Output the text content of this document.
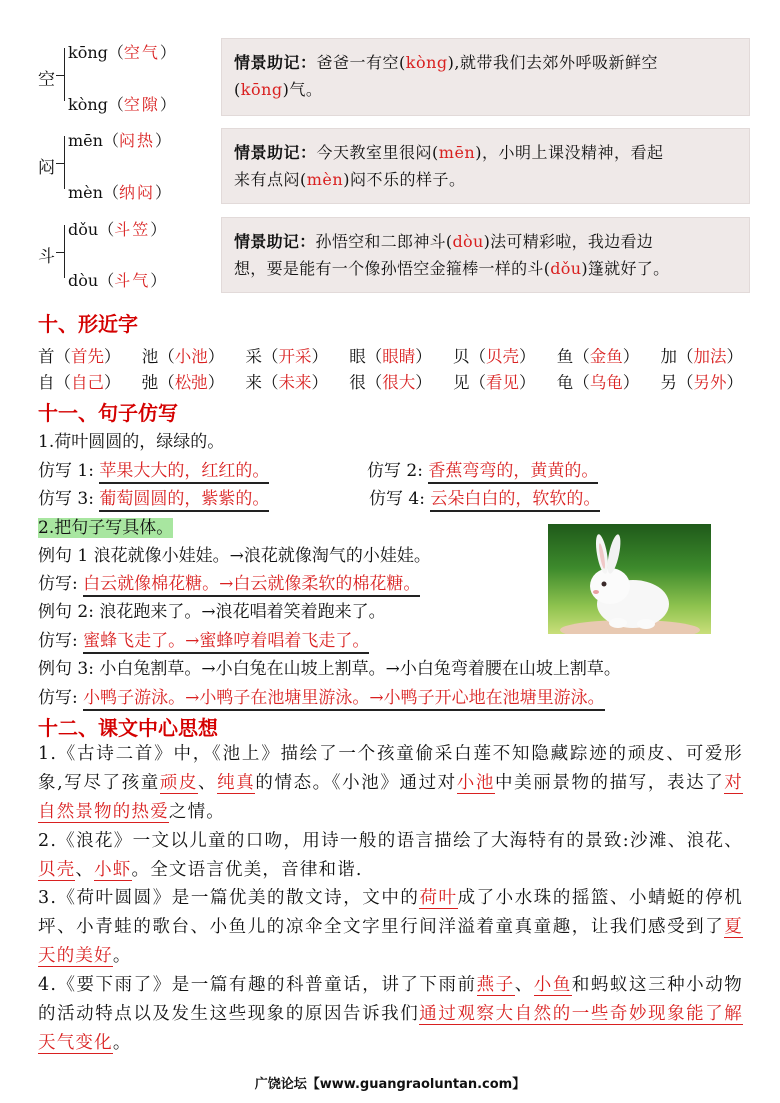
空
kōng（空气）
kòng（空隙）
情景助记：爸爸一有空(kòng),就带我们去郊外呼吸新鲜空
(kōng)气。
闷
mēn（闷热）
mèn（纳闷）
情景助记：今天教室里很闷(mēn)，小明上课没精神，看起
来有点闷(mèn)闷不乐的样子。
斗
dǒu（斗笠）
dòu（斗气）
情景助记：孙悟空和二郎神斗(dòu)法可精彩啦，我边看边
想，要是能有一个像孙悟空金箍棒一样的斗(dǒu)篷就好了。
十、形近字
首（首先） 池（小池） 采（开采） 眼（眼睛） 贝（贝壳） 鱼（金鱼） 加（加法）
自（自己） 弛（松弛） 来（未来） 很（很大） 见（看见） 龟（乌龟） 另（另外）
十一、句子仿写
1.荷叶圆圆的，绿绿的。
仿写 1: 苹果大大的，红红的。	仿写 2: 香蕉弯弯的，黄黄的。
仿写 3: 葡萄圆圆的，紫紫的。	仿写 4: 云朵白白的，软软的。
2.把句子写具体。
例句 1 浪花就像小娃娃。→浪花就像淘气的小娃娃。
仿写: 白云就像棉花糖。→白云就像柔软的棉花糖。
例句 2: 浪花跑来了。→浪花唱着笑着跑来了。
仿写: 蜜蜂飞走了。→蜜蜂哼着唱着飞走了。
例句 3: 小白兔割草。→小白兔在山坡上割草。→小白兔弯着腰在山坡上割草。
仿写: 小鸭子游泳。→小鸭子在池塘里游泳。→小鸭子开心地在池塘里游泳。
十二、课文中心思想
1.《古诗二首》中，《池上》描绘了一个孩童偷采白莲不知隐藏踪迹的顽皮、可爱形象,写尽了孩童顽皮、纯真的情态。《小池》通过对小池中美丽景物的描写，表达了对自然景物的热爱之情。
2.《浪花》一文以儿童的口吻，用诗一般的语言描绘了大海特有的景致:沙滩、浪花、贝壳、小虾。全文语言优美，音律和谐.
3.《荷叶圆圆》是一篇优美的散文诗，文中的荷叶成了小水珠的摇篮、小蜻蜓的停机坪、小青蛙的歌台、小鱼儿的凉伞全文字里行间洋溢着童真童趣，让我们感受到了夏天的美好。
4.《要下雨了》是一篇有趣的科普童话，讲了下雨前燕子、小鱼和蚂蚁这三种小动物的活动特点以及发生这些现象的原因告诉我们通过观察大自然的一些奇妙现象能了解天气变化。
广饶论坛【www.guangraoluntan.com】
